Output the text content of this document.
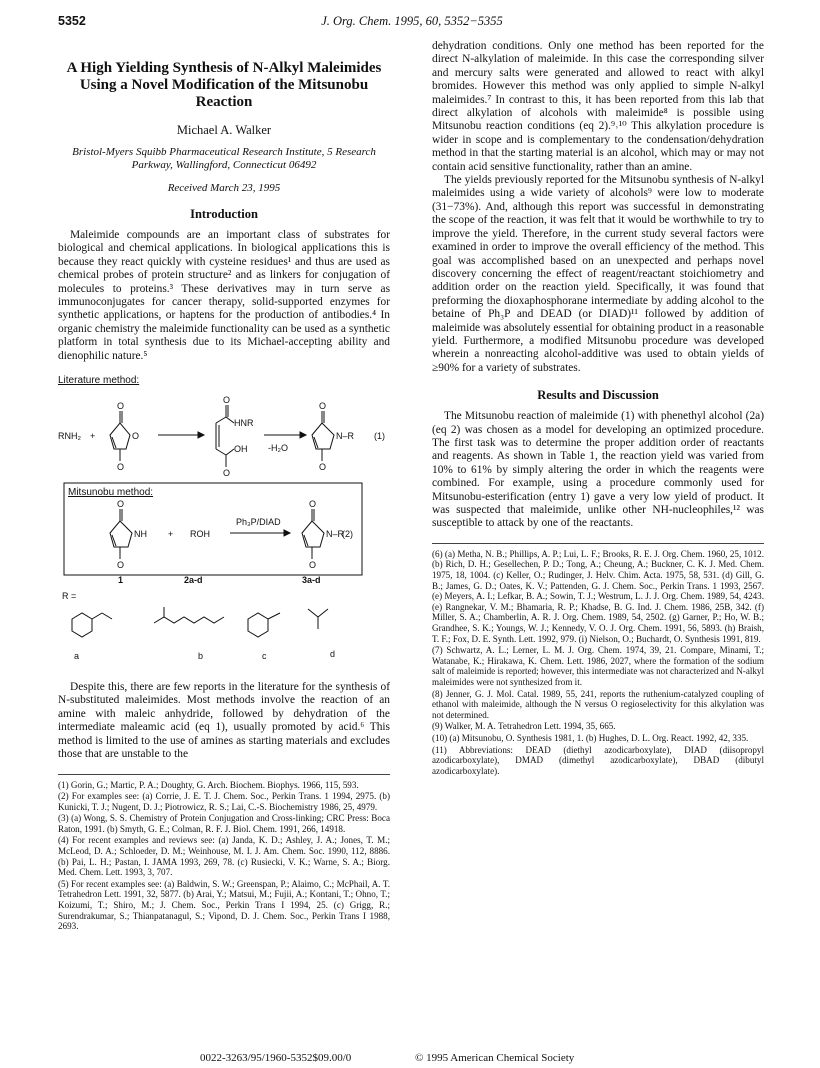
5352	J. Org. Chem. 1995, 60, 5352−5355
A High Yielding Synthesis of N-Alkyl Maleimides Using a Novel Modification of the Mitsunobu Reaction
Michael A. Walker
Bristol-Myers Squibb Pharmaceutical Research Institute, 5 Research Parkway, Wallingford, Connecticut 06492
Received March 23, 1995
Introduction
Maleimide compounds are an important class of substrates for biological and chemical applications. In biological applications this is because they react quickly with cysteine residues¹ and thus are used as chemical probes of protein structure² and as linkers for conjugation of molecules to proteins.³ These derivatives may in turn serve as immunoconjugates for cancer therapy, solid-supported enzymes for synthetic applications, or haptens for the production of antibodies.⁴ In organic chemistry the maleimide functionality can be used as a synthetic platform in total synthesis due to its Michael-accepting ability and dienophilic nature.⁵
Literature method:
RNH₂ +
O
O
O
O
HNR
OH
O
-H₂O
O
N–R
O
(1)
Mitsunobu method:
O
NH
O
+ ROH
Ph₃P/DIAD
O
N–R
O
(2)
1	2a-d	3a-d
R =
a	b	c	d
Despite this, there are few reports in the literature for the synthesis of N-substituted maleimides. Most methods involve the reaction of an amine with maleic anhydride, followed by dehydration of the intermediate maleamic acid (eq 1), usually promoted by acid.⁶ This method is limited to the use of amines as starting materials and excludes those that are unstable to the
(1) Gorin, G.; Martic, P. A.; Doughty, G. Arch. Biochem. Biophys. 1966, 115, 593.
(2) For examples see: (a) Corrie, J. E. T. J. Chem. Soc., Perkin Trans. 1 1994, 2975. (b) Kunicki, T. J.; Nugent, D. J.; Piotrowicz, R. S.; Lai, C.-S. Biochemistry 1986, 25, 4979.
(3) (a) Wong, S. S. Chemistry of Protein Conjugation and Cross-linking; CRC Press: Boca Raton, 1991. (b) Smyth, G. E.; Colman, R. F. J. Biol. Chem. 1991, 266, 14918.
(4) For recent examples and reviews see: (a) Janda, K. D.; Ashley, J. A.; Jones, T. M.; McLeod, D. A.; Schloeder, D. M.; Weinhouse, M. I. J. Am. Chem. Soc. 1990, 112, 8886. (b) Pai, L. H.; Pastan, I. JAMA 1993, 269, 78. (c) Rusiecki, V. K.; Warne, S. A.; Biorg. Med. Chem. Lett. 1993, 3, 707.
(5) For recent examples see: (a) Baldwin, S. W.; Greenspan, P.; Alaimo, C.; McPhail, A. T. Tetrahedron Lett. 1991, 32, 5877. (b) Arai, Y.; Matsui, M.; Fujii, A.; Kontani, T.; Ohno, T.; Koizumi, T.; Shiro, M.; J. Chem. Soc., Perkin Trans I 1994, 25. (c) Grigg, R.; Surendrakumar, S.; Thianpatanagul, S.; Vipond, D. J. Chem. Soc., Perkin Trans I 1988, 2693.
dehydration conditions. Only one method has been reported for the direct N-alkylation of maleimide. In this case the corresponding silver and mercury salts were generated and allowed to react with alkyl bromides. However this method was only applied to simple N-alkyl maleimides.⁷ In contrast to this, it has been reported from this lab that direct alkylation of alcohols with maleimide⁸ is possible using Mitsunobu reaction conditions (eq 2).⁹˒¹⁰ This alkylation procedure is wider in scope and is complementary to the condensation/dehydration method in that the starting material is an alcohol, which may or may not contain acid sensitive functionality, rather than an amine.
The yields previously reported for the Mitsunobu synthesis of N-alkyl maleimides using a wide variety of alcohols⁹ were low to moderate (31−73%). And, although this report was successful in demonstrating the scope of the reaction, it was felt that it would be worthwhile to try to improve the yield. Therefore, in the current study several factors were examined in order to improve the overall efficiency of the method. This goal was accomplished based on an unexpected and perhaps novel discovery concerning the effect of reagent/reactant stoichiometry and addition order on the reaction yield. Specifically, it was found that preforming the dioxaphosphorane intermediate by adding alcohol to the betaine of Ph₃P and DEAD (or DIAD)¹¹ followed by addition of maleimide was absolutely essential for obtaining product in a reasonable yield. Furthermore, a modified Mitsunobu procedure was developed wherein a nonreacting alcohol-additive was used to obtain yields of ≥90% for a variety of substrates.
Results and Discussion
The Mitsunobu reaction of maleimide (1) with phenethyl alcohol (2a) (eq 2) was chosen as a model for developing an optimized procedure. The first task was to determine the proper addition order of reactants and reagents. As shown in Table 1, the reaction yield was varied from 10% to 61% by simply altering the order in which the reagents were combined. For example, using a procedure commonly used for Mitsunobu-esterification (entry 1) gave a very low yield of product. It was suspected that maleimide, unlike other NH-nucleophiles,¹² was susceptible to attack by one of the reactants.
(6) (a) Metha, N. B.; Phillips, A. P.; Lui, L. F.; Brooks, R. E. J. Org. Chem. 1960, 25, 1012. (b) Rich, D. H.; Gesellechen, P. D.; Tong, A.; Cheung, A.; Buckner, C. K. J. Med. Chem. 1975, 18, 1004. (c) Keller, O.; Rudinger, J. Helv. Chim. Acta. 1975, 58, 531. (d) Gill, G. B.; James, G. D.; Oates, K. V.; Pattenden, G. J. Chem. Soc., Perkin Trans. 1 1993, 2567. (e) Meyers, A. I.; Lefkar, B. A.; Sowin, T. J.; Westrum, L. J. J. Org. Chem. 1989, 54, 4243. (e) Rangnekar, V. M.; Bhamaria, R. P.; Khadse, B. G. Ind. J. Chem. 1986, 25B, 342. (f) Miller, S. A.; Chamberlin, A. R. J. Org. Chem. 1989, 54, 2502. (g) Garner, P.; Ho, W. B.; Grandhee, S. K.; Youngs, W. J.; Kennedy, V. O. J. Org. Chem. 1991, 56, 5893. (h) Braish, T. F.; Fox, D. E. Synth. Lett. 1992, 979. (i) Nielson, O.; Buchardt, O. Synthesis 1991, 819.
(7) Schwartz, A. L.; Lerner, L. M. J. Org. Chem. 1974, 39, 21. Compare, Minami, T.; Watanabe, K.; Hirakawa, K. Chem. Lett. 1986, 2027, where the formation of the sodium salt of maleimide is reported; however, this intermediate was not characterized and N-alkyl maleimides were not synthesized from it.
(8) Jenner, G. J. Mol. Catal. 1989, 55, 241, reports the ruthenium-catalyzed coupling of ethanol with maleimide, although the N versus O regioselectivity for this alkylation was not determined.
(9) Walker, M. A. Tetrahedron Lett. 1994, 35, 665.
(10) (a) Mitsunobu, O. Synthesis 1981, 1. (b) Hughes, D. L. Org. React. 1992, 42, 335.
(11) Abbreviations: DEAD (diethyl azodicarboxylate), DIAD (diisopropyl azodicarboxylate), DMAD (dimethyl azodicarboxylate), DBAD (dibutyl azodicarboxylate).
0022-3263/95/1960-5352$09.00/0	© 1995 American Chemical Society
